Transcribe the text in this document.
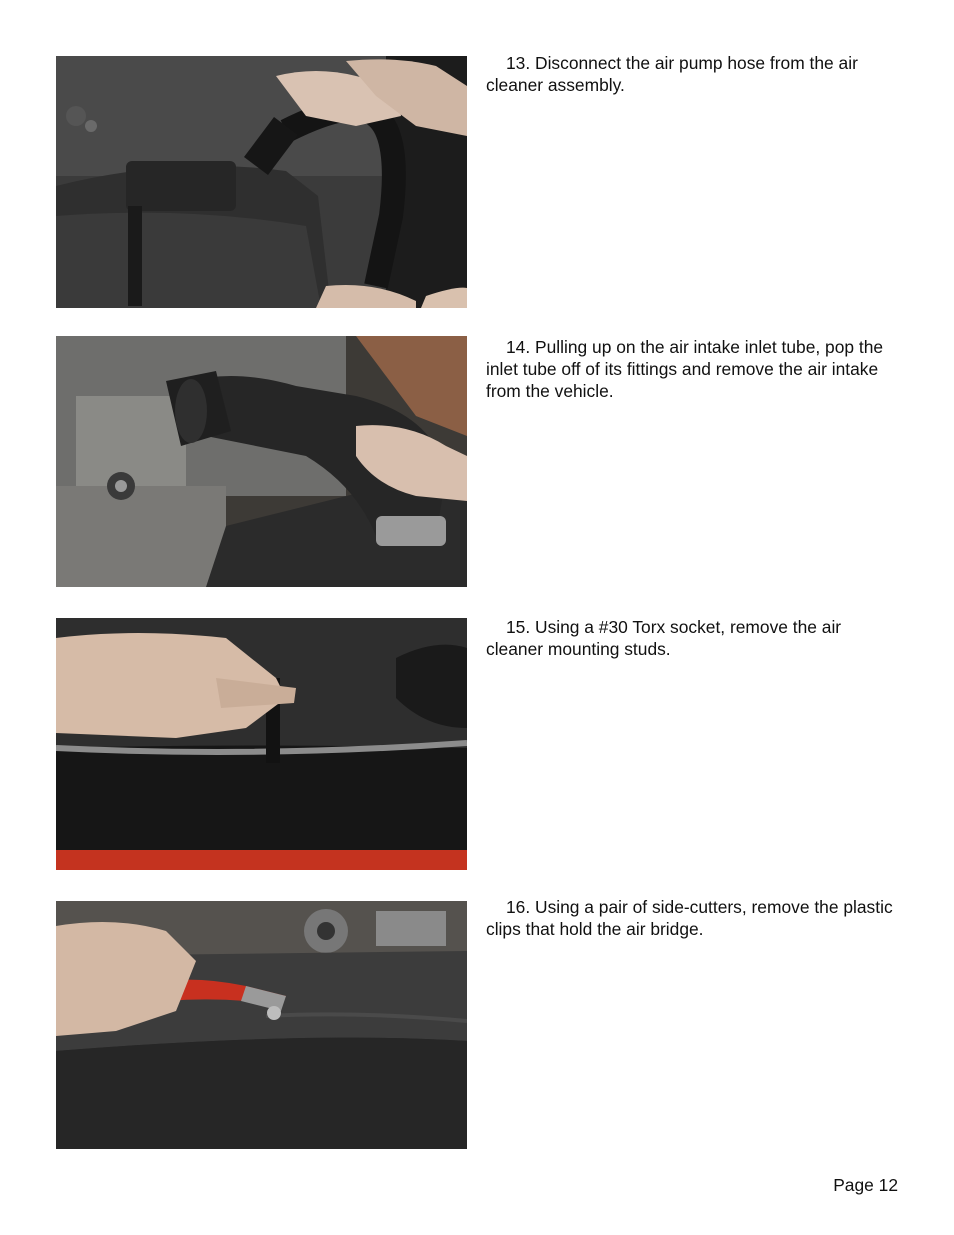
13. Disconnect the air pump hose from the air cleaner assembly.

14. Pulling up on the air intake inlet tube, pop the inlet tube off of its fittings and remove the air intake from the vehicle.

15. Using a #30 Torx socket, remove the air cleaner mounting studs.

16. Using a pair of side-cutters, remove the plastic clips that hold the air bridge.

Page 12
